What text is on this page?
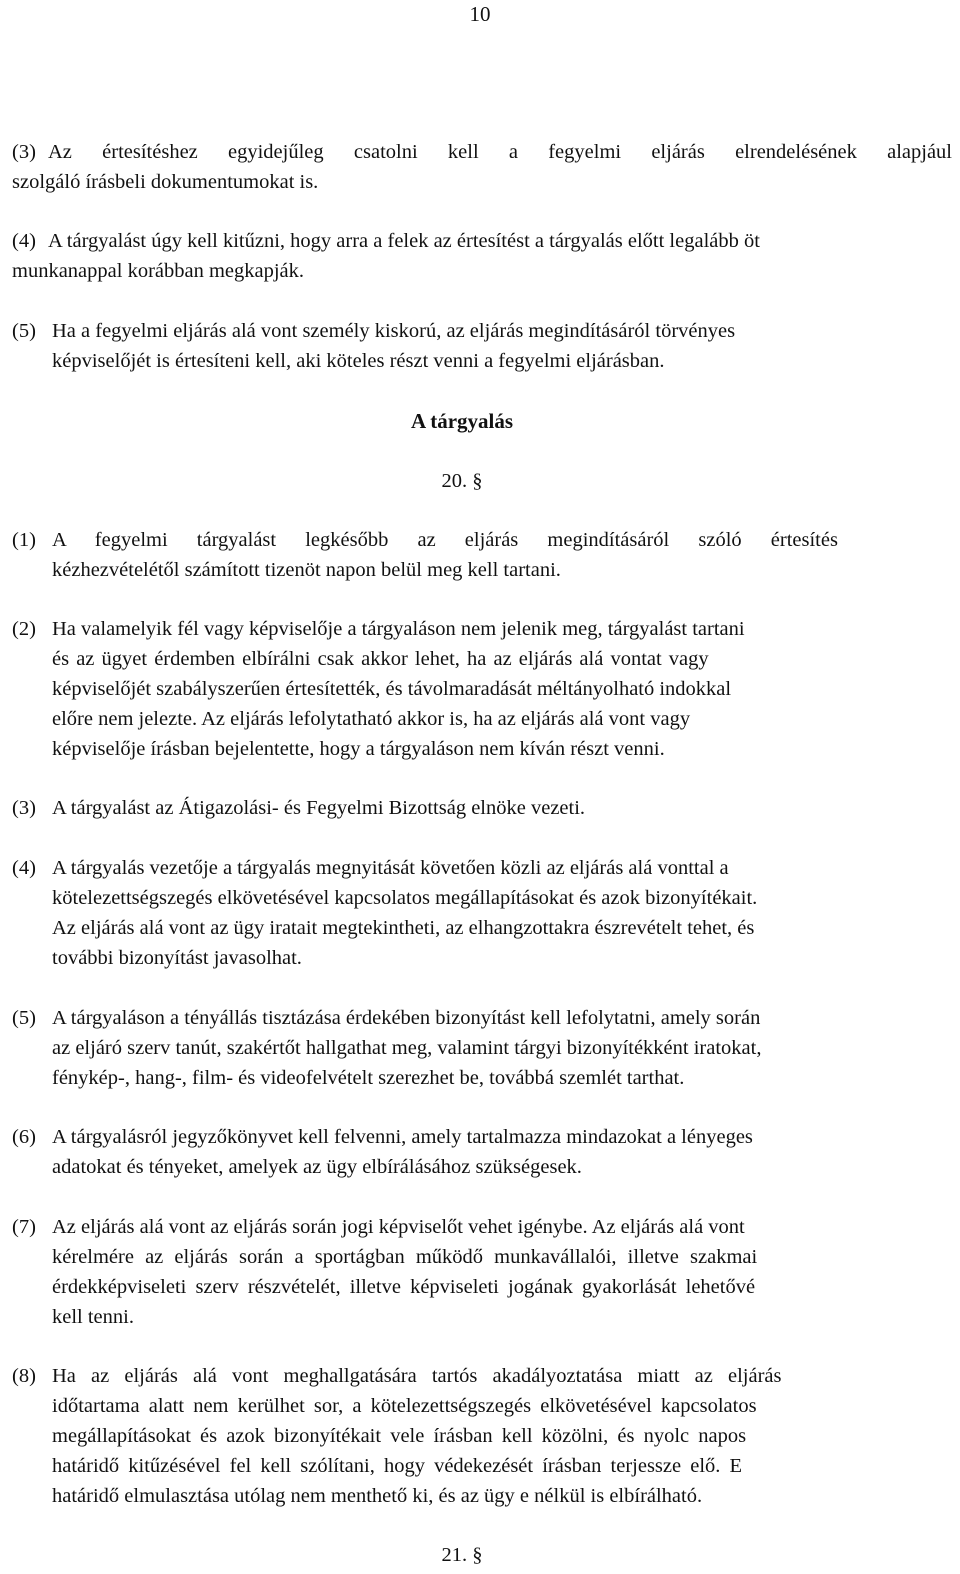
10
(3) Az értesítéshez egyidejűleg csatolni kell a fegyelmi eljárás elrendelésének alapjául
szolgáló írásbeli dokumentumokat is.
(4) A tárgyalást úgy kell kitűzni, hogy arra a felek az értesítést a tárgyalás előtt legalább öt
munkanappal korábban megkapják.
(5) Ha a fegyelmi eljárás alá vont személy kiskorú, az eljárás megindításáról törvényes
képviselőjét is értesíteni kell, aki köteles részt venni a fegyelmi eljárásban.
A tárgyalás
20. §
(1) A fegyelmi tárgyalást legkésőbb az eljárás megindításáról szóló értesítés
kézhezvételétől számított tizenöt napon belül meg kell tartani.
(2) Ha valamelyik fél vagy képviselője a tárgyaláson nem jelenik meg, tárgyalást tartani
és az ügyet érdemben elbírálni csak akkor lehet, ha az eljárás alá vontat vagy
képviselőjét szabályszerűen értesítették, és távolmaradását méltányolható indokkal
előre nem jelezte. Az eljárás lefolytatható akkor is, ha az eljárás alá vont vagy
képviselője írásban bejelentette, hogy a tárgyaláson nem kíván részt venni.
(3) A tárgyalást az Átigazolási- és Fegyelmi Bizottság elnöke vezeti.
(4) A tárgyalás vezetője a tárgyalás megnyitását követően közli az eljárás alá vonttal a
kötelezettségszegés elkövetésével kapcsolatos megállapításokat és azok bizonyítékait.
Az eljárás alá vont az ügy iratait megtekintheti, az elhangzottakra észrevételt tehet, és
további bizonyítást javasolhat.
(5) A tárgyaláson a tényállás tisztázása érdekében bizonyítást kell lefolytatni, amely során
az eljáró szerv tanút, szakértőt hallgathat meg, valamint tárgyi bizonyítékként iratokat,
fénykép-, hang-, film- és videofelvételt szerezhet be, továbbá szemlét tarthat.
(6) A tárgyalásról jegyzőkönyvet kell felvenni, amely tartalmazza mindazokat a lényeges
adatokat és tényeket, amelyek az ügy elbírálásához szükségesek.
(7) Az eljárás alá vont az eljárás során jogi képviselőt vehet igénybe. Az eljárás alá vont
kérelmére az eljárás során a sportágban működő munkavállalói, illetve szakmai
érdekképviseleti szerv részvételét, illetve képviseleti jogának gyakorlását lehetővé
kell tenni.
(8) Ha az eljárás alá vont meghallgatására tartós akadályoztatása miatt az eljárás
időtartama alatt nem kerülhet sor, a kötelezettségszegés elkövetésével kapcsolatos
megállapításokat és azok bizonyítékait vele írásban kell közölni, és nyolc napos
határidő kitűzésével fel kell szólítani, hogy védekezését írásban terjessze elő. E
határidő elmulasztása utólag nem menthető ki, és az ügy e nélkül is elbírálható.
21. §
